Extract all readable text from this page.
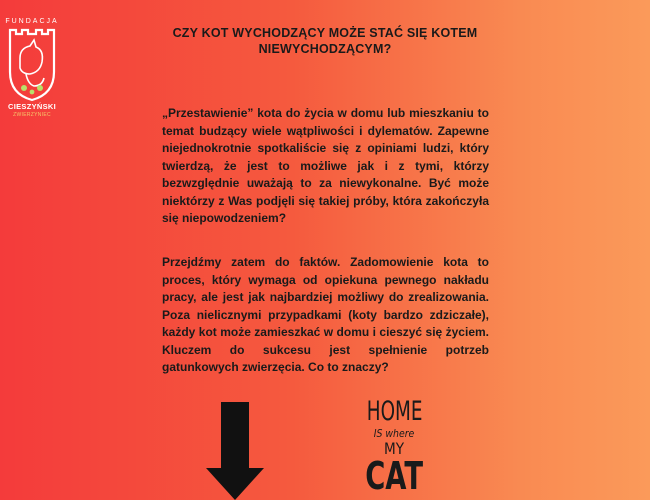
FUNDACJA
CIESZYŃSKI
ZWIERZYNIEC
CZY KOT WYCHODZĄCY MOŻE STAĆ SIĘ KOTEM NIEWYCHODZĄCYM?
„Przestawienie” kota do życia w domu lub mieszkaniu to temat budzący wiele wątpliwości i dylematów. Zapewne niejednokrotnie spotkaliście się z opiniami ludzi, który twierdzą, że jest to możliwe jak i z tymi, którzy bezwzględnie uważają to za niewykonalne. Być może niektórzy z Was podjęli się takiej próby, która zakończyła się niepowodzeniem?
Przejdźmy zatem do faktów. Zadomowienie kota to proces, który wymaga od opiekuna pewnego nakładu pracy, ale jest jak najbardziej możliwy do zrealizowania. Poza nielicznymi przypadkami (koty bardzo zdziczałe), każdy kot może zamieszkać w domu i cieszyć się życiem. Kluczem do sukcesu jest spełnienie potrzeb gatunkowych zwierzęcia. Co to znaczy?
HOME
IS where
MY
CAT
